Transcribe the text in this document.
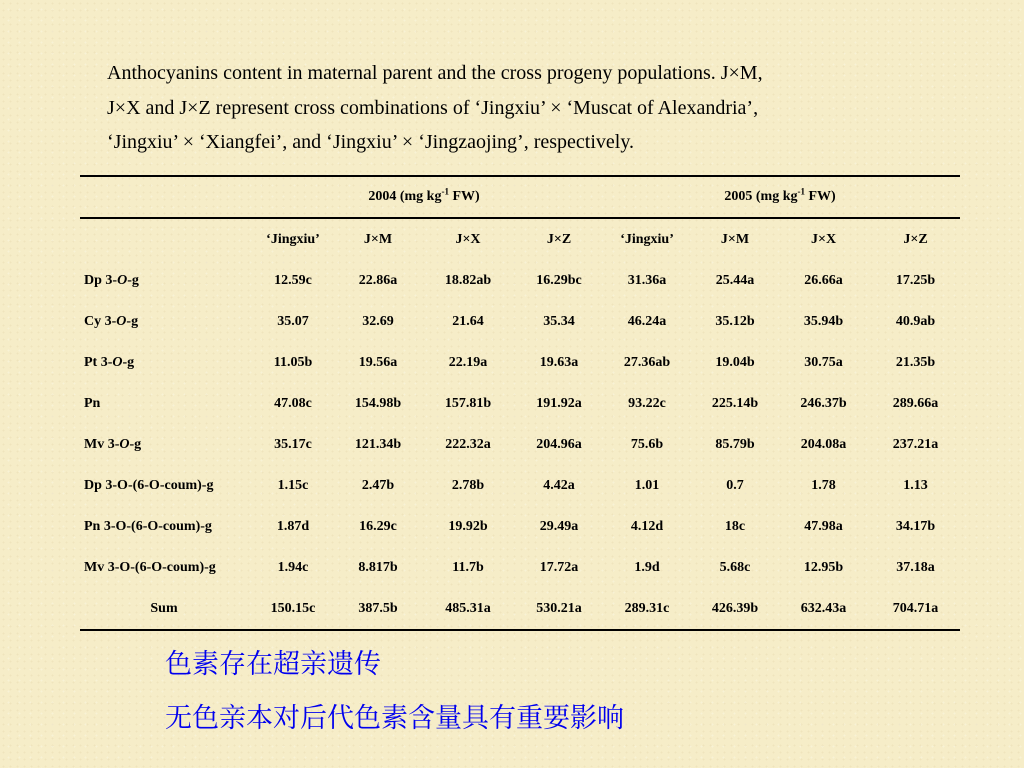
Anthocyanins content in maternal parent and the cross progeny populations. J×M,

J×X and J×Z represent cross combinations of ‘Jingxiu’ × ‘Muscat of Alexandria’,

‘Jingxiu’ × ‘Xiangfei’, and ‘Jingxiu’ × ‘Jingzaojing’, respectively.

	2004 (mg $kg^{-1}$ FW)				2005 (mg $kg^{-1}$ FW)			
	‘Jingxiu’	J×M	J×X	J×Z	‘Jingxiu’	J×M	J×X	J×Z
Dp 3-O-g	12.59c	22.86a	18.82ab	16.29bc	31.36a	25.44a	26.66a	17.25b
Cy 3-O-g	35.07	32.69	21.64	35.34	46.24a	35.12b	35.94b	40.9ab
Pt 3-O-g	11.05b	19.56a	22.19a	19.63a	27.36ab	19.04b	30.75a	21.35b
Pn	47.08c	154.98b	157.81b	191.92a	93.22c	225.14b	246.37b	289.66a
Mv 3-O-g	35.17c	121.34b	222.32a	204.96a	75.6b	85.79b	204.08a	237.21a
Dp 3-O-(6-O-coum)-g	1.15c	2.47b	2.78b	4.42a	1.01	0.7	1.78	1.13
Pn 3-O-(6-O-coum)-g	1.87d	16.29c	19.92b	29.49a	4.12d	18c	47.98a	34.17b
Mv 3-O-(6-O-coum)-g	1.94c	8.817b	11.7b	17.72a	1.9d	5.68c	12.95b	37.18a
Sum	150.15c	387.5b	485.31a	530.21a	289.31c	426.39b	632.43a	704.71a

色素存在超亲遗传

无色亲本对后代色素含量具有重要影响
